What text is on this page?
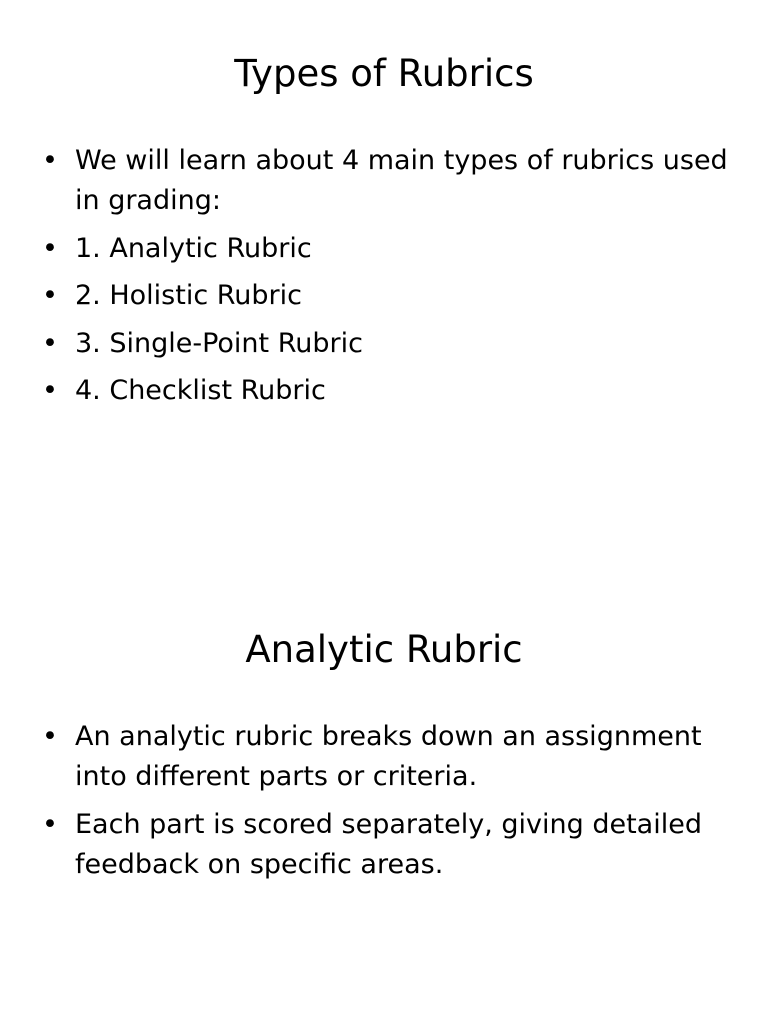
Types of Rubrics
• We will learn about 4 main types of rubrics used in grading:
• 1. Analytic Rubric
• 2. Holistic Rubric
• 3. Single-Point Rubric
• 4. Checklist Rubric
Analytic Rubric
• An analytic rubric breaks down an assignment into different parts or criteria.
• Each part is scored separately, giving detailed feedback on specific areas.
